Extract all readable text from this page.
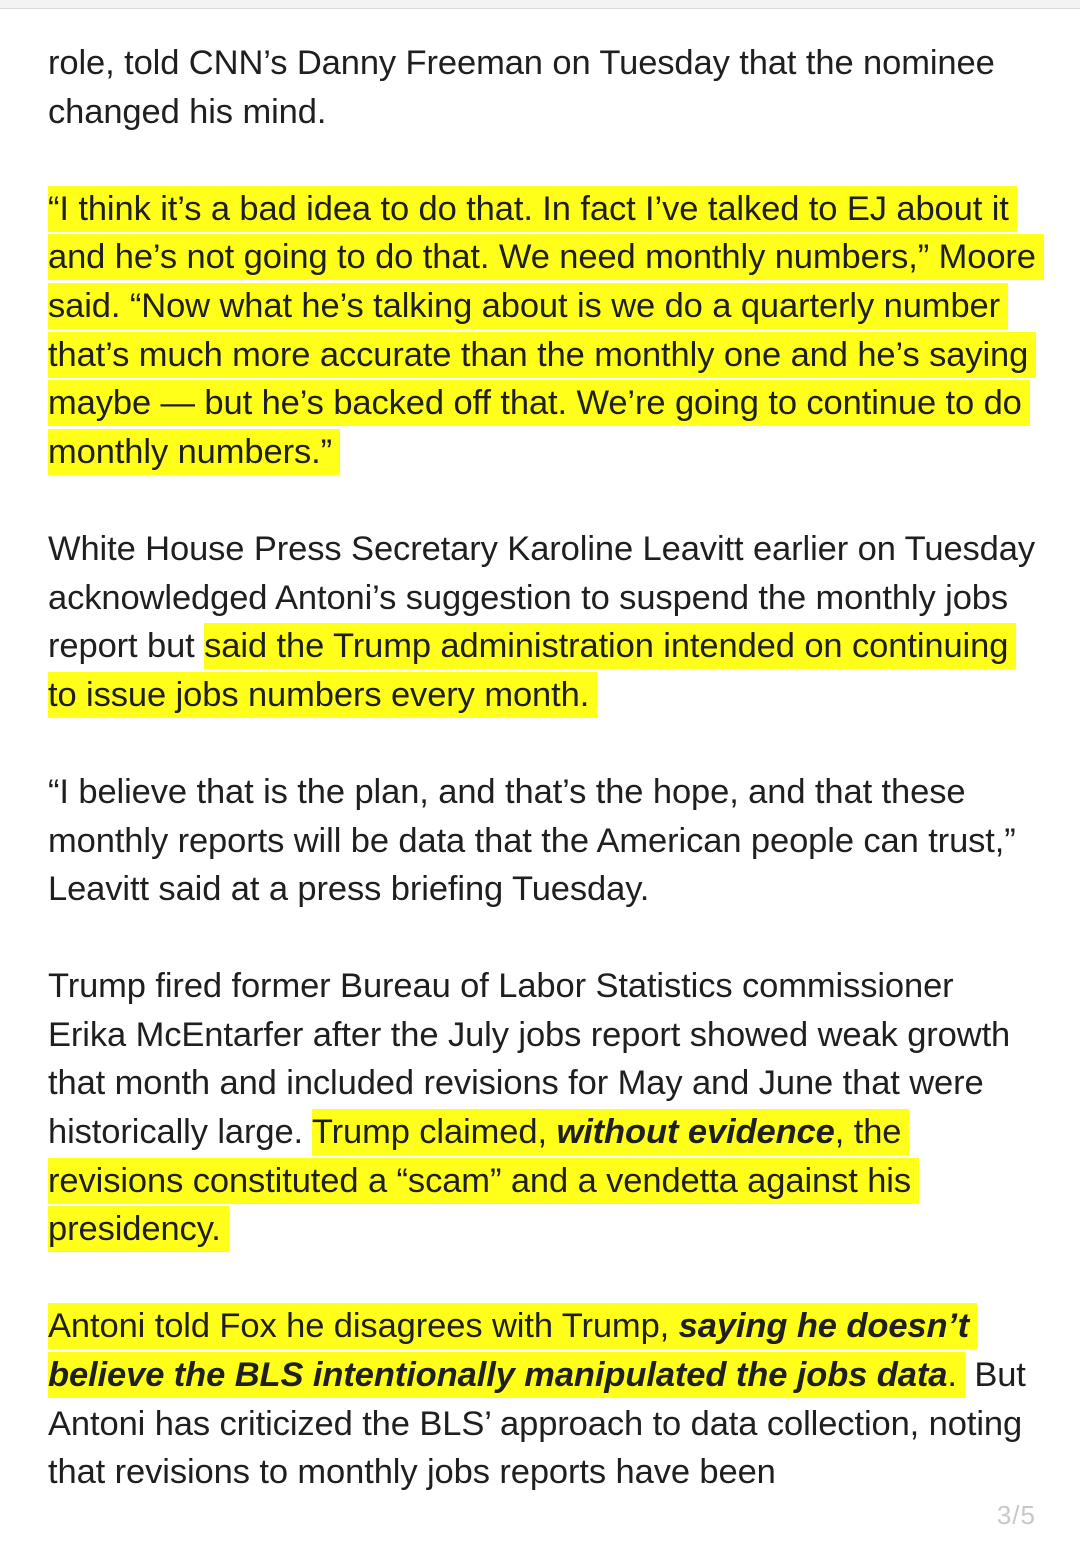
role, told CNN’s Danny Freeman on Tuesday that the nominee changed his mind.

“I think it’s a bad idea to do that. In fact I’ve talked to EJ about it and he’s not going to do that. We need monthly numbers,” Moore said. “Now what he’s talking about is we do a quarterly number that’s much more accurate than the monthly one and he’s saying maybe — but he’s backed off that. We’re going to continue to do monthly numbers.”

White House Press Secretary Karoline Leavitt earlier on Tuesday acknowledged Antoni’s suggestion to suspend the monthly jobs report but said the Trump administration intended on continuing to issue jobs numbers every month.

“I believe that is the plan, and that’s the hope, and that these monthly reports will be data that the American people can trust,” Leavitt said at a press briefing Tuesday.

Trump fired former Bureau of Labor Statistics commissioner Erika McEntarfer after the July jobs report showed weak growth that month and included revisions for May and June that were historically large. Trump claimed, without evidence, the revisions constituted a “scam” and a vendetta against his presidency.

Antoni told Fox he disagrees with Trump, saying he doesn’t believe the BLS intentionally manipulated the jobs data. But Antoni has criticized the BLS’ approach to data collection, noting that revisions to monthly jobs reports have been

3/5
